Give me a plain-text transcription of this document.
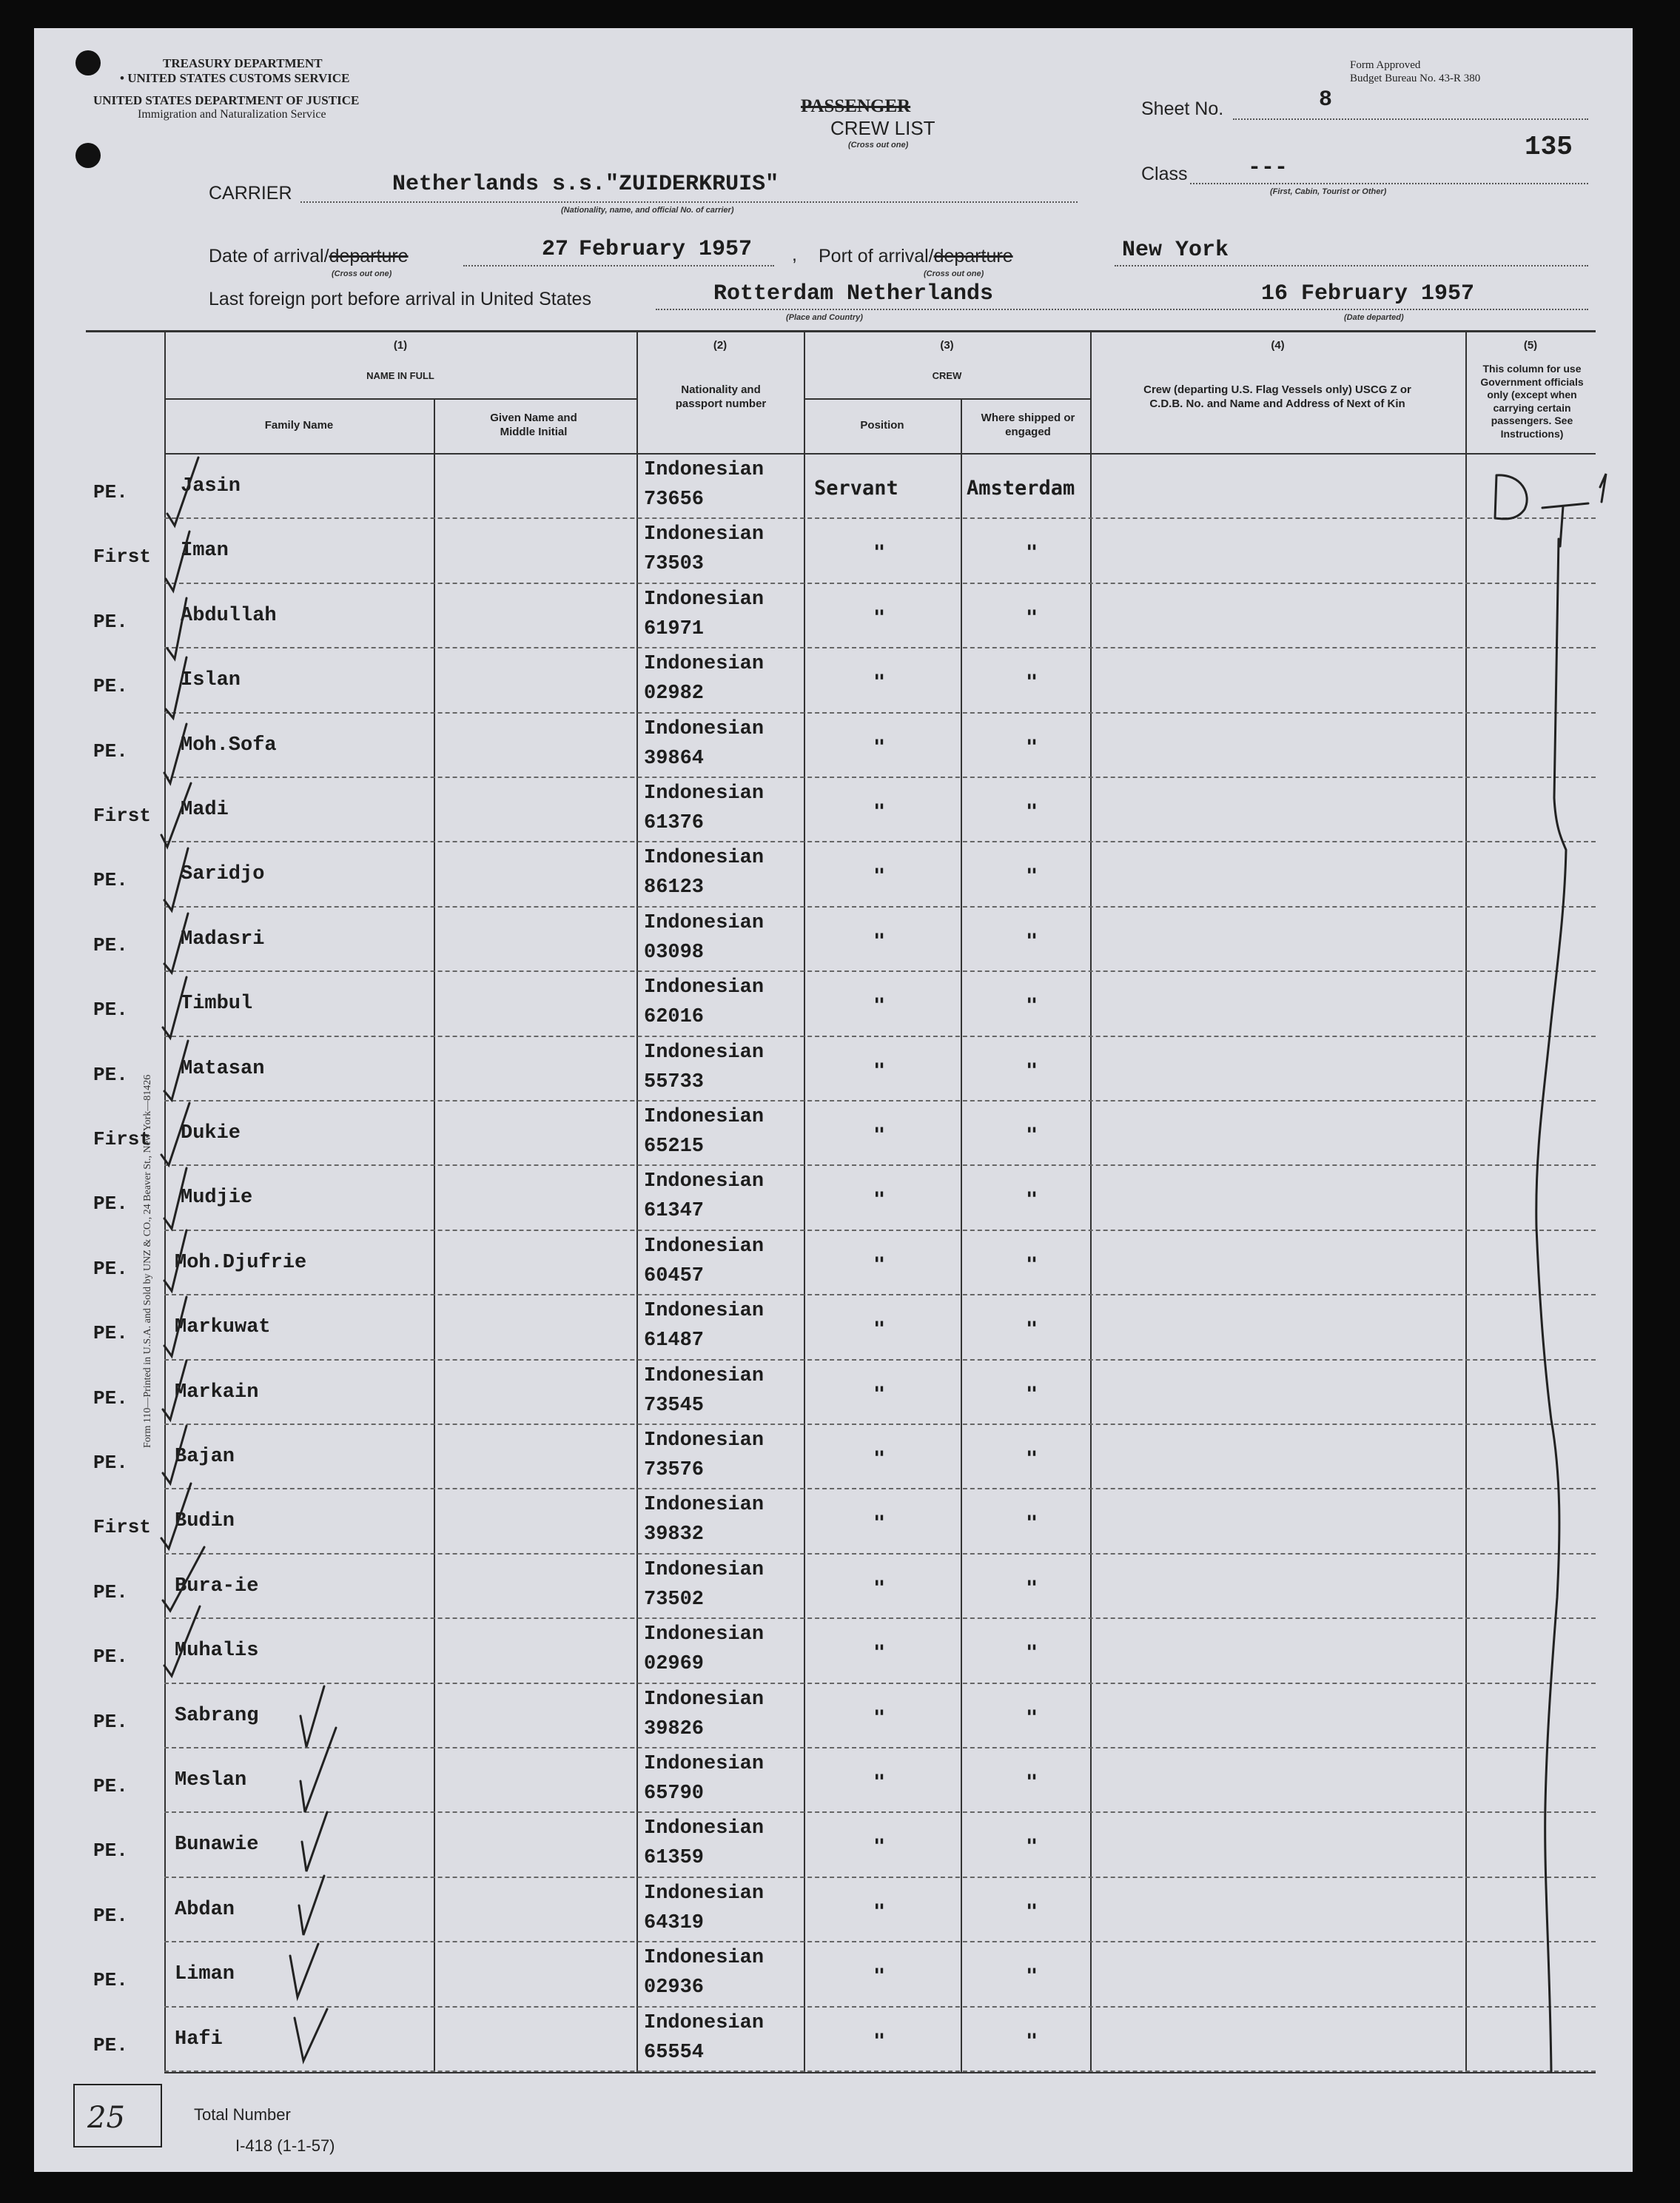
TREASURY DEPARTMENT
• UNITED STATES CUSTOMS SERVICE
UNITED STATES DEPARTMENT OF JUSTICE
Immigration and Naturalization Service
Form Approved
Budget Bureau No. 43-R 380
PASSENGER
CREW LIST
(Cross out one)
Sheet No.	8
135
Class	---
(First, Cabin, Tourist or Other)
CARRIER	Netherlands s.s."ZUIDERKRUIS"
(Nationality, name, and official No. of carrier)
Date of arrival/departure
(Cross out one)
27 February 1957 , Port of arrival/departure
(Cross out one)
New York
Last foreign port before arrival in United States	Rotterdam Netherlands
(Place and Country)
16 February 1957
(Date departed)
(1)
NAME IN FULL
Family Name
Given Name and Middle Initial
(2)
Nationality and passport number
(3)
CREW
Position
Where shipped or engaged
(4)
Crew (departing U.S. Flag Vessels only) USCG Z or C.D.B. No. and Name and Address of Next of Kin
(5)
This column for use Government officials only (except when carrying certain passengers. See Instructions)
PE.	Jasin
Indonesian
73656	Servant	Amsterdam
First Iman
Indonesian
73503	"	"
PE.	Abdullah
Indonesian
61971	"	"
PE.	Islan
Indonesian
02982	"	"
PE.	Moh.Sofa
Indonesian
39864	"	"
First Madi
Indonesian
61376	"	"
PE.	Saridjo
Indonesian
86123	"	"
PE.	Madasri
Indonesian
03098	"	"
PE.	Timbul
Indonesian
62016	"	"
PE.	Matasan
Indonesian
55733	"	"
First Dukie
Indonesian
65215	"	"
PE.	Mudjie
Indonesian
61347	"	"
PE. Moh.Djufrie
Indonesian
60457	"	"
PE. Markuwat
Indonesian
61487	"	"
PE. Markain
Indonesian
73545	"	"
PE. Bajan
Indonesian
73576	"	"
First Budin
Indonesian
39832	"	"
PE. Bura-ie
Indonesian
73502	"	"
PE. Muhalis
Indonesian
02969	"	"
PE. Sabrang
Indonesian
39826	"	"
PE. Meslan
Indonesian
65790	"	"
PE. Bunawie
Indonesian
61359	"	"
PE. Abdan
Indonesian
64319	"	"
PE. Liman
Indonesian
02936	"	"
PE. Hafi
Indonesian
65554	"	"
25	Total Number
I-418 (1-1-57)
Form 110—Printed in U.S.A. and Sold by UNZ & CO., 24 Beaver St., New York—81426
